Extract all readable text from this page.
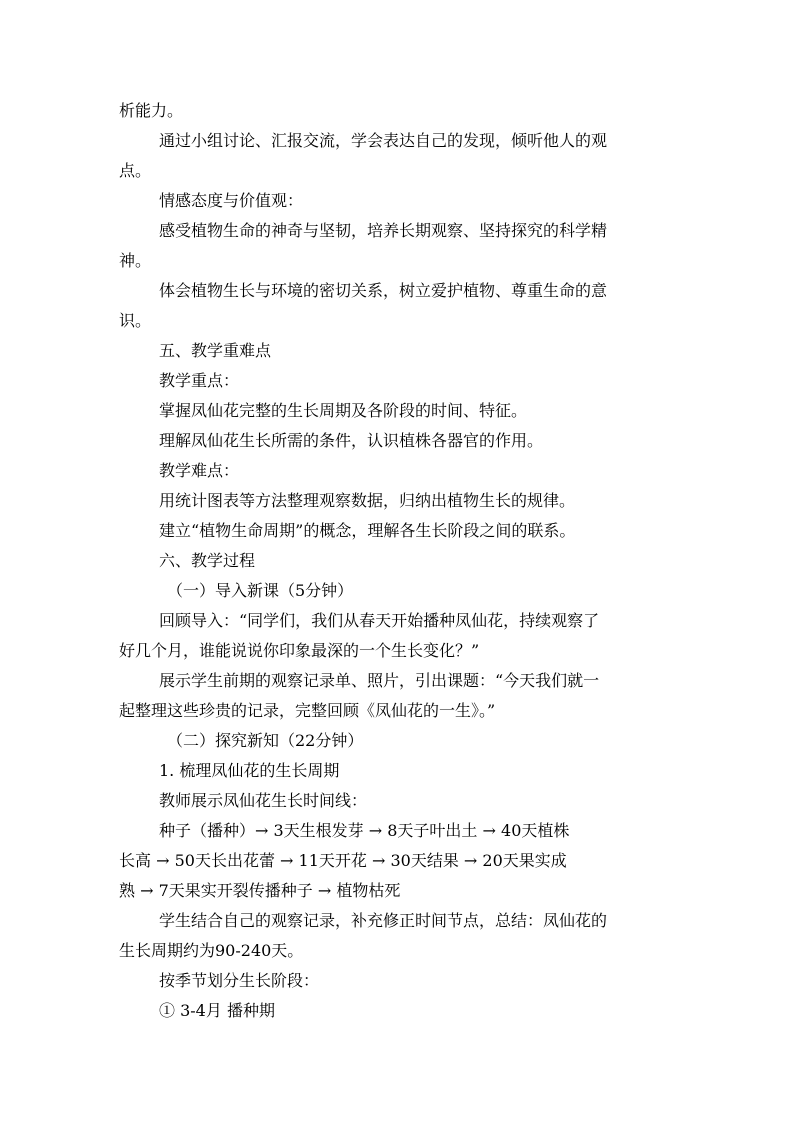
析能力。
通过小组讨论、汇报交流，学会表达自己的发现，倾听他人的观
点。
情感态度与价值观：
感受植物生命的神奇与坚韧，培养长期观察、坚持探究的科学精
神。
体会植物生长与环境的密切关系，树立爱护植物、尊重生命的意
识。
五、教学重难点
教学重点：
掌握凤仙花完整的生长周期及各阶段的时间、特征。
理解凤仙花生长所需的条件，认识植株各器官的作用。
教学难点：
用统计图表等方法整理观察数据，归纳出植物生长的规律。
建立“植物生命周期”的概念，理解各生长阶段之间的联系。
六、教学过程
（一）导入新课（5分钟）
回顾导入：“同学们，我们从春天开始播种凤仙花，持续观察了
好几个月，谁能说说你印象最深的一个生长变化？”
展示学生前期的观察记录单、照片，引出课题：“今天我们就一
起整理这些珍贵的记录，完整回顾《凤仙花的一生》。”
（二）探究新知（22分钟）
1. 梳理凤仙花的生长周期
教师展示凤仙花生长时间线：
种子（播种）→ 3天生根发芽 → 8天子叶出土 → 40天植株
长高 → 50天长出花蕾 → 11天开花 → 30天结果 → 20天果实成
熟 → 7天果实开裂传播种子 → 植物枯死
学生结合自己的观察记录，补充修正时间节点，总结：凤仙花的
生长周期约为90-240天。
按季节划分生长阶段：
① 3-4月 播种期
